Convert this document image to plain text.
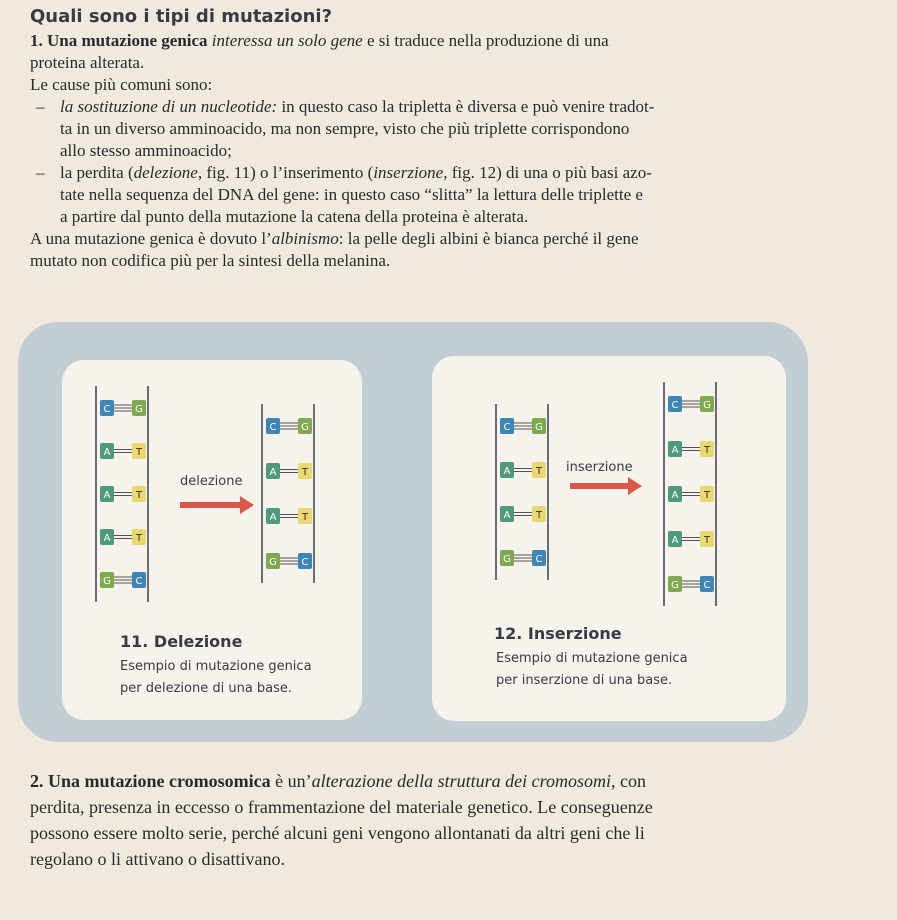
Quali sono i tipi di mutazioni?
1. Una mutazione genica interessa un solo gene e si traduce nella produzione di una
proteina alterata.
Le cause più comuni sono:
– la sostituzione di un nucleotide: in questo caso la tripletta è diversa e può venire tradot-
ta in un diverso amminoacido, ma non sempre, visto che più triplette corrispondono
allo stesso amminoacido;
– la perdita (delezione, fig. 11) o l’inserimento (inserzione, fig. 12) di una o più basi azo-
tate nella sequenza del DNA del gene: in questo caso “slitta” la lettura delle triplette e
a partire dal punto della mutazione la catena della proteina è alterata.
A una mutazione genica è dovuto l’albinismo: la pelle degli albini è bianca perché il gene
mutato non codifica più per la sintesi della melanina.
C G
A	T
A	T
A	T
G C
C G
A	T
A	T
G C
delezione
11. Delezione
Esempio di mutazione genica
per delezione di una base.
C G
A	T
A	T
G C
C G
A	T
A	T
A	T
G C
inserzione
12. Inserzione
Esempio di mutazione genica
per inserzione di una base.
2. Una mutazione cromosomica è un’alterazione della struttura dei cromosomi, con
perdita, presenza in eccesso o frammentazione del materiale genetico. Le conseguenze
possono essere molto serie, perché alcuni geni vengono allontanati da altri geni che li
regolano o li attivano o disattivano.
